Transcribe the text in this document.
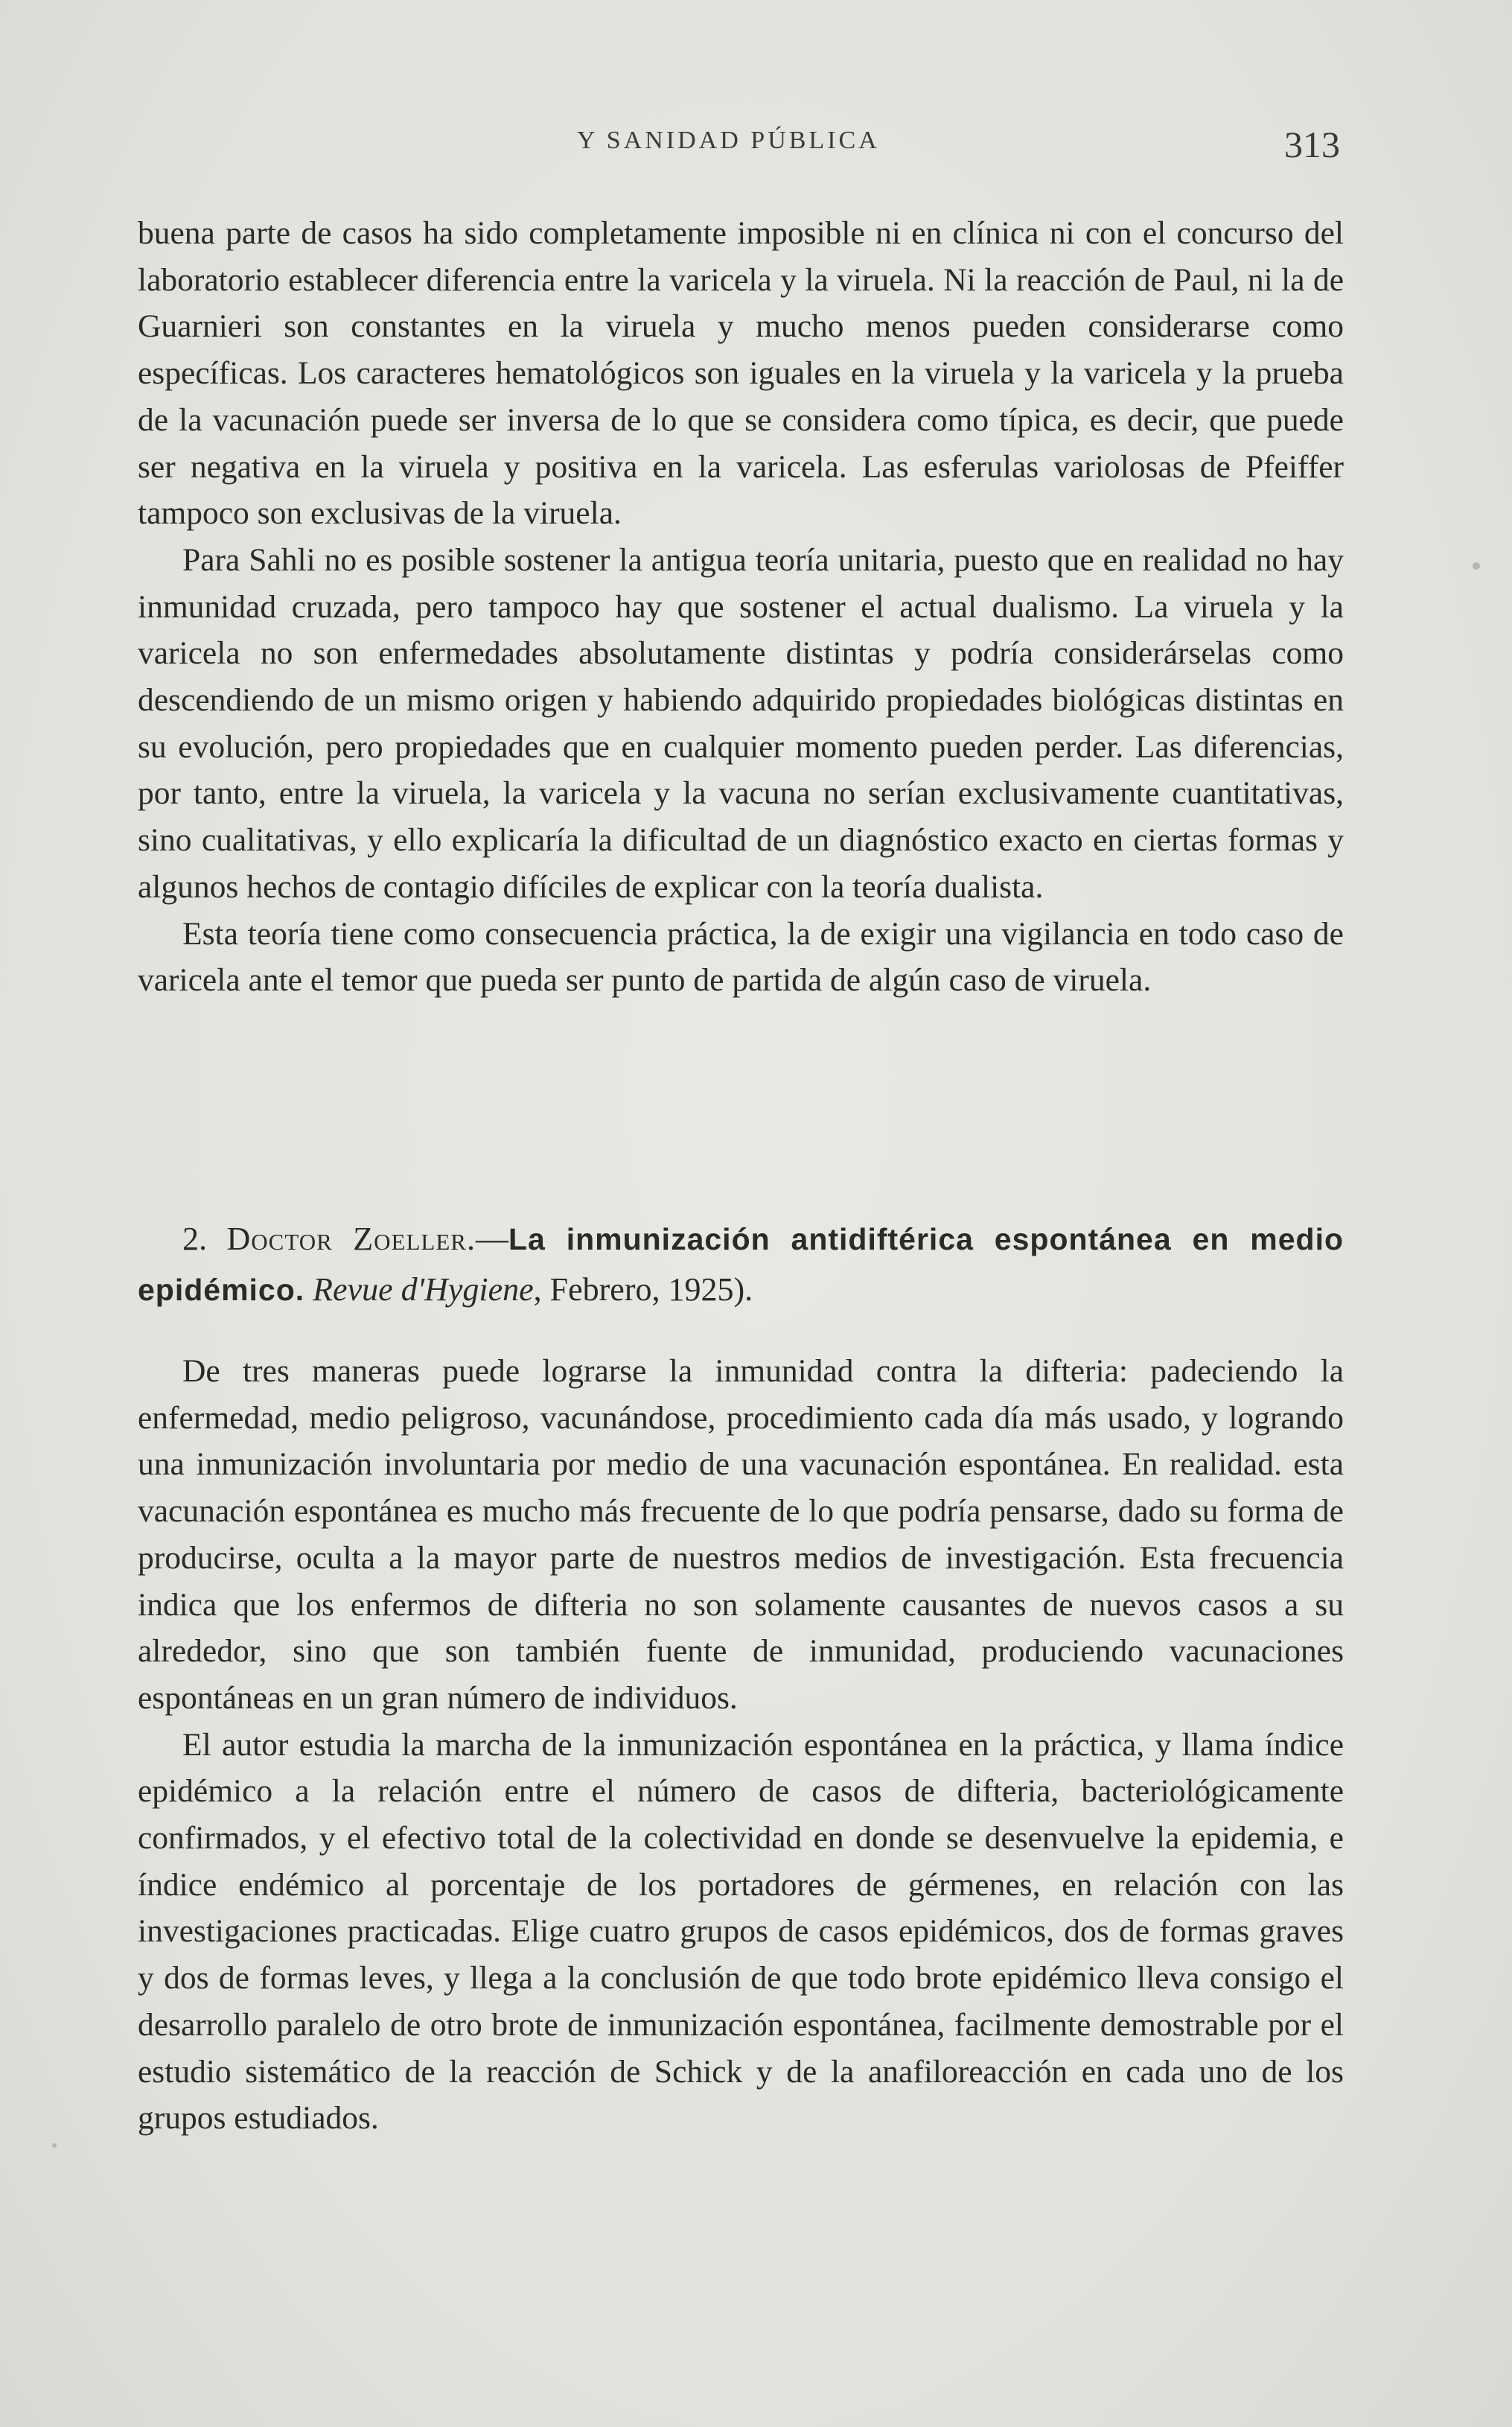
Y SANIDAD PÚBLICA	313

buena parte de casos ha sido completamente imposible ni en clínica ni con el concurso del laboratorio establecer diferencia entre la varicela y la viruela. Ni la reacción de Paul, ni la de Guarnieri son constantes en la viruela y mucho menos pueden considerarse como específicas. Los caracteres hematológicos son iguales en la viruela y la varicela y la prueba de la vacunación puede ser inversa de lo que se considera como típica, es decir, que puede ser negativa en la viruela y positiva en la varicela. Las esferulas variolosas de Pfeiffer tampoco son exclusivas de la viruela.

Para Sahli no es posible sostener la antigua teoría unitaria, puesto que en realidad no hay inmunidad cruzada, pero tampoco hay que sostener el actual dualismo. La viruela y la varicela no son enfermedades absolutamente distintas y podría considerárselas como descendiendo de un mismo origen y habiendo adquirido propiedades biológicas distintas en su evolución, pero propiedades que en cualquier momento pueden perder. Las diferencias, por tanto, entre la viruela, la varicela y la vacuna no serían exclusivamente cuantitativas, sino cualitativas, y ello explicaría la dificultad de un diagnóstico exacto en ciertas formas y algunos hechos de contagio difíciles de explicar con la teoría dualista.

Esta teoría tiene como consecuencia práctica, la de exigir una vigilancia en todo caso de varicela ante el temor que pueda ser punto de partida de algún caso de viruela.

2. Doctor Zoeller.—La inmunización antidiftérica espontánea en medio epidémico. Revue d'Hygiene, Febrero, 1925).

De tres maneras puede lograrse la inmunidad contra la difteria: padeciendo la enfermedad, medio peligroso, vacunándose, procedimiento cada día más usado, y logrando una inmunización involuntaria por medio de una vacunación espontánea. En realidad. esta vacunación espontánea es mucho más frecuente de lo que podría pensarse, dado su forma de producirse, oculta a la mayor parte de nuestros medios de investigación. Esta frecuencia indica que los enfermos de difteria no son solamente causantes de nuevos casos a su alrededor, sino que son también fuente de inmunidad, produciendo vacunaciones espontáneas en un gran número de individuos.

El autor estudia la marcha de la inmunización espontánea en la práctica, y llama índice epidémico a la relación entre el número de casos de difteria, bacteriológicamente confirmados, y el efectivo total de la colectividad en donde se desenvuelve la epidemia, e índice endémico al porcentaje de los portadores de gérmenes, en relación con las investigaciones practicadas. Elige cuatro grupos de casos epidémicos, dos de formas graves y dos de formas leves, y llega a la conclusión de que todo brote epidémico lleva consigo el desarrollo paralelo de otro brote de inmunización espontánea, facilmente demostrable por el estudio sistemático de la reacción de Schick y de la anafiloreacción en cada uno de los grupos estudiados.
